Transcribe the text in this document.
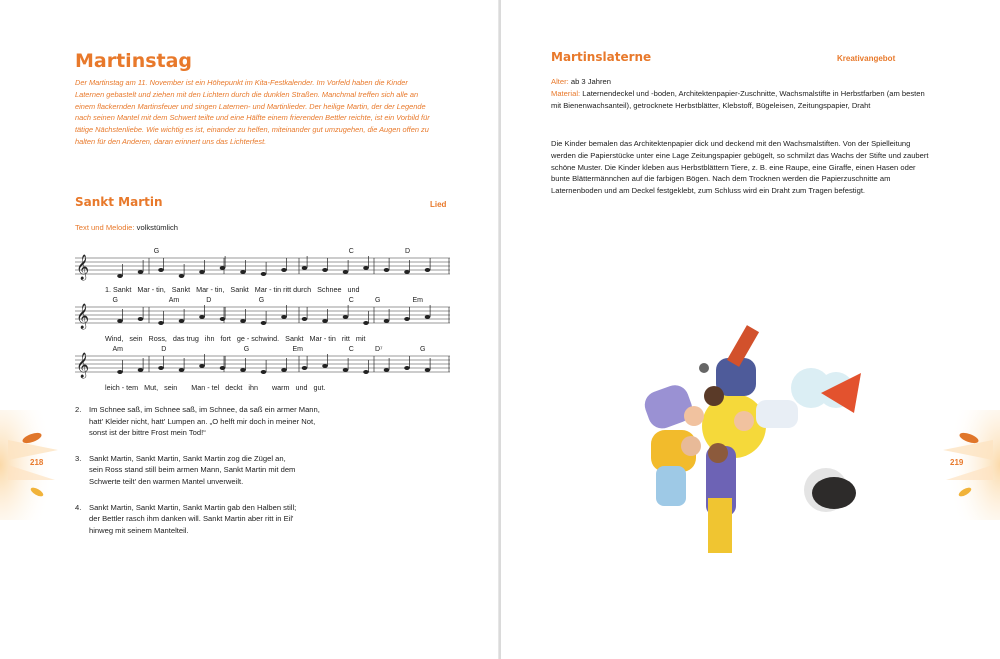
Martinstag

Der Martinstag am 11. November ist ein Höhepunkt im Kita-Festkalender. Im Vorfeld haben die Kinder Laternen gebastelt und ziehen mit den Lichtern durch die dunklen Straßen. Manchmal treffen sich alle an einem flackernden Martinsfeuer und singen Laternen- und Martinlieder. Der heilige Martin, der der Legende nach seinen Mantel mit dem Schwert teilte und eine Hälfte einem frierenden Bettler reichte, ist ein Vorbild für tätige Nächstenliebe. Wie wichtig es ist, einander zu helfen, miteinander gut umzugehen, die Augen offen zu halten für den Anderen, daran erinnert uns das Lichterfest.

Sankt Martin	Lied
Text und Melodie: volkstümlich
G	C	D
𝄞
1. Sankt   Mar - tin,   Sankt   Mar - tin,   Sankt   Mar - tin ritt durch   Schnee   und
G	Am	D	G	C	G	Em
𝄞
Wind,   sein   Ross,   das trug   ihn   fort   ge - schwind.   Sankt   Mar - tin   ritt   mit
Am	D	G	Em	C	D⁷	G
𝄞
leich - tem   Mut,   sein       Man - tel   deckt   ihn       warm   und   gut.
2.	Im Schnee saß, im Schnee saß, im Schnee, da saß ein armer Mann,
hatt' Kleider nicht, hatt' Lumpen an. „O helft mir doch in meiner Not,
sonst ist der bittre Frost mein Tod!“
3.	Sankt Martin, Sankt Martin, Sankt Martin zog die Zügel an,
sein Ross stand still beim armen Mann, Sankt Martin mit dem
Schwerte teilt' den warmen Mantel unverweilt.
4.	Sankt Martin, Sankt Martin, Sankt Martin gab den Halben still;
der Bettler rasch ihm danken will. Sankt Martin aber ritt in Eil'
hinweg mit seinem Mantelteil.
218
Martinslaterne	Kreativangebot
Alter: ab 3 Jahren
Material: Laternendeckel und -boden, Architektenpapier-Zuschnitte, Wachsmalstifte in Herbstfarben (am besten mit Bienenwachsanteil), getrocknete Herbstblätter, Klebstoff, Bügeleisen, Zeitungspapier, Draht
Die Kinder bemalen das Architektenpapier dick und deckend mit den Wachsmalstiften. Von der Spielleitung werden die Papierstücke unter eine Lage Zeitungspapier gebügelt, so schmilzt das Wachs der Stifte und zaubert schöne Muster. Die Kinder kleben aus Herbstblättern Tiere, z. B. eine Raupe, eine Giraffe, einen Hasen oder bunte Blättermännchen auf die farbigen Bögen. Nach dem Trocknen werden die Papierzuschnitte am Laternenboden und am Deckel festgeklebt, zum Schluss wird ein Draht zum Tragen befestigt.
219
